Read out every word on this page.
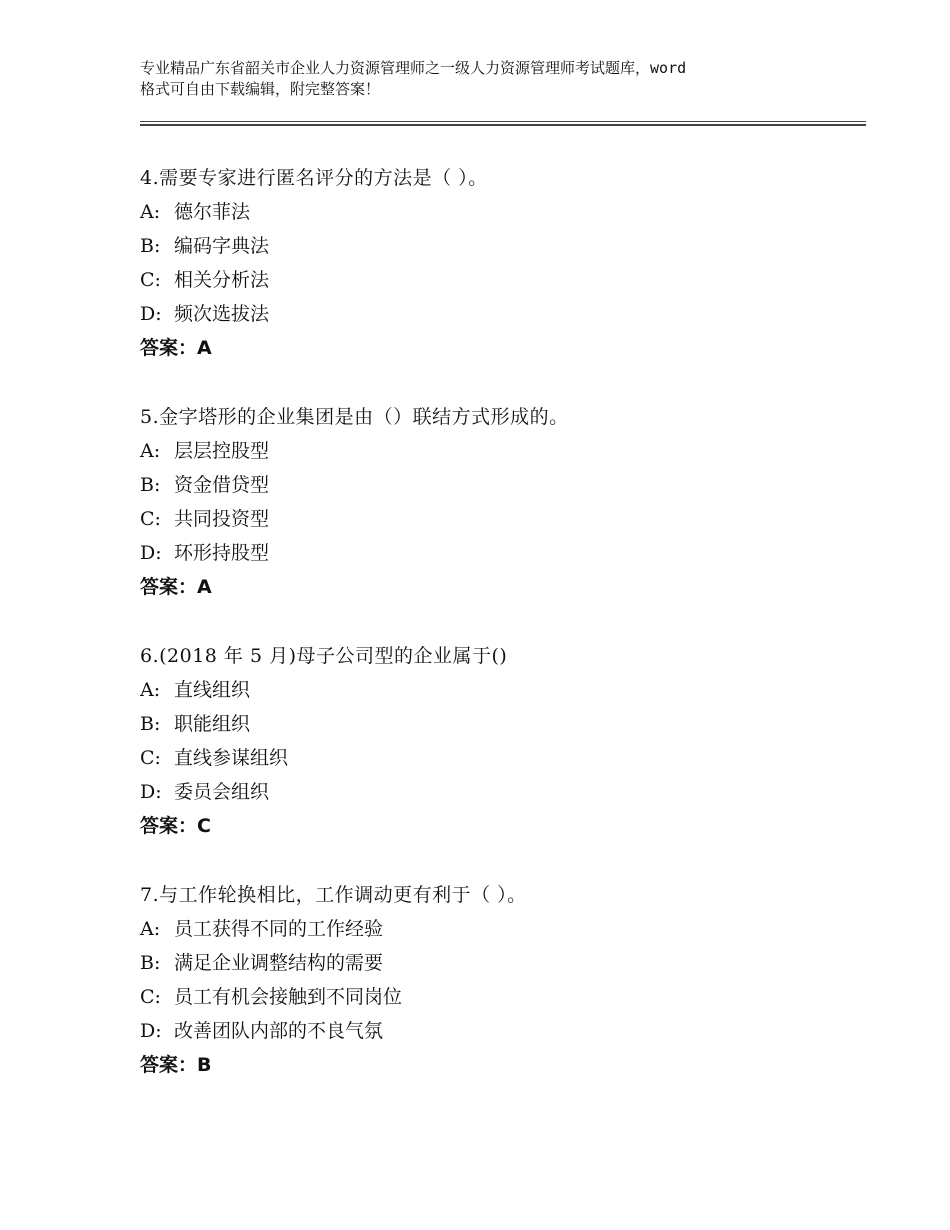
专业精品广东省韶关市企业人力资源管理师之一级人力资源管理师考试题库，word
格式可自由下载编辑，附完整答案！
4.需要专家进行匿名评分的方法是（ ）。
A: 德尔菲法
B: 编码字典法
C: 相关分析法
D: 频次选拔法
答案：A
5.金字塔形的企业集团是由（）联结方式形成的。
A: 层层控股型
B: 资金借贷型
C: 共同投资型
D: 环形持股型
答案：A
6.(2018 年 5 月)母子公司型的企业属于()
A: 直线组织
B: 职能组织
C: 直线参谋组织
D: 委员会组织
答案：C
7.与工作轮换相比，工作调动更有利于（ ）。
A: 员工获得不同的工作经验
B: 满足企业调整结构的需要
C: 员工有机会接触到不同岗位
D: 改善团队内部的不良气氛
答案：B
